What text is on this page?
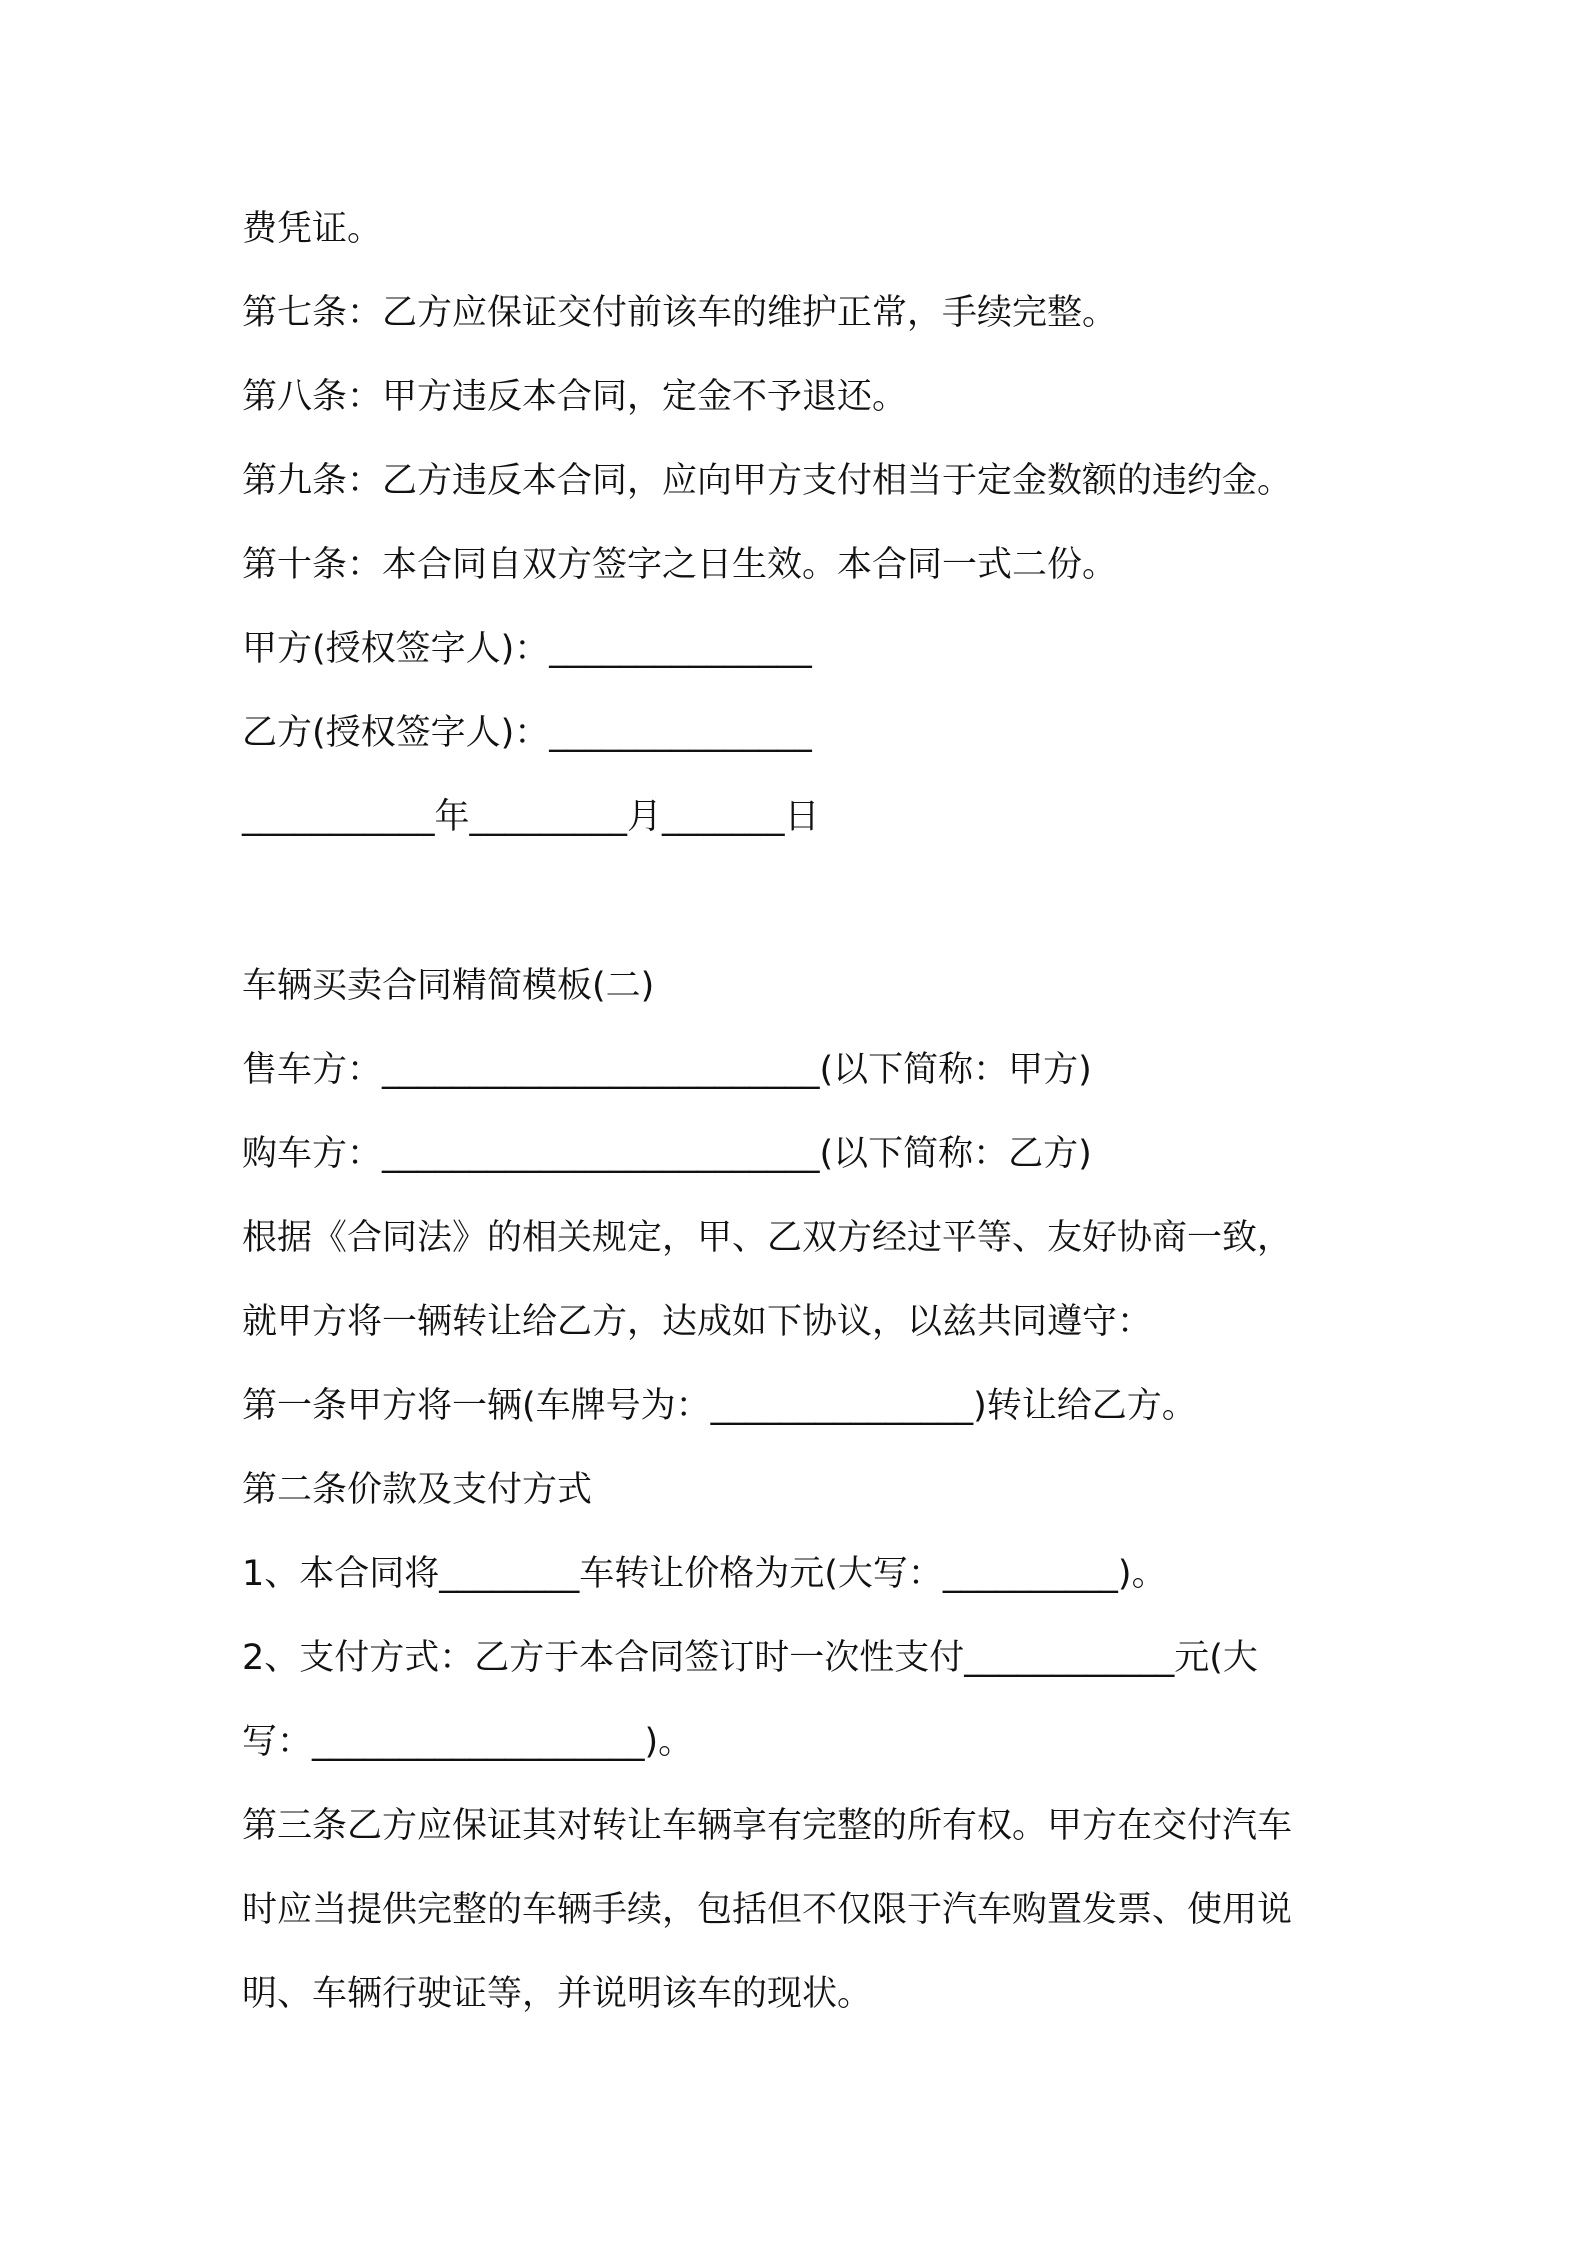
费凭证。

第七条：乙方应保证交付前该车的维护正常，手续完整。

第八条：甲方违反本合同，定金不予退还。

第九条：乙方违反本合同，应向甲方支付相当于定金数额的违约金。

第十条：本合同自双方签字之日生效。本合同一式二份。

甲方(授权签字人)：_______________

乙方(授权签字人)：_______________

___________年_________月_______日

车辆买卖合同精简模板(二)

售车方：_________________________(以下简称：甲方)

购车方：_________________________(以下简称：乙方)

根据《合同法》的相关规定，甲、乙双方经过平等、友好协商一致，

就甲方将一辆转让给乙方，达成如下协议，以兹共同遵守：

第一条甲方将一辆(车牌号为：_______________)转让给乙方。

第二条价款及支付方式

1、本合同将________车转让价格为元(大写：__________)。

2、支付方式：乙方于本合同签订时一次性支付____________元(大

写：___________________)。

第三条乙方应保证其对转让车辆享有完整的所有权。甲方在交付汽车

时应当提供完整的车辆手续，包括但不仅限于汽车购置发票、使用说

明、车辆行驶证等，并说明该车的现状。
